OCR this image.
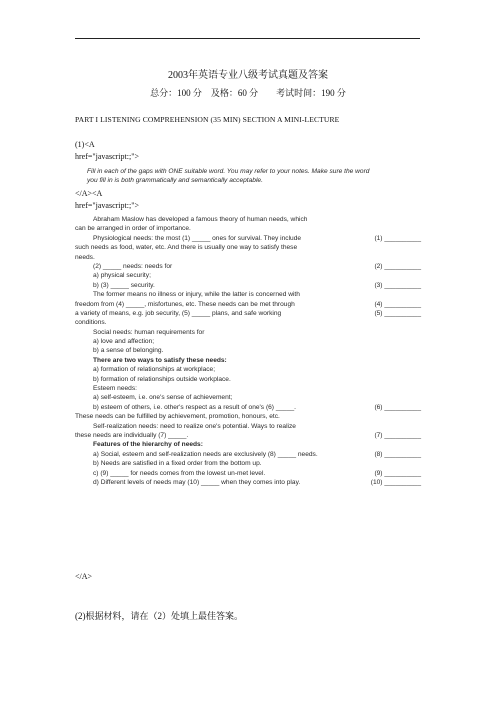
2003年英语专业八级考试真题及答案
总分：100 分　及格：60 分　　考试时间：190 分
PART I LISTENING COMPREHENSION (35 MIN) SECTION A MINI-LECTURE
(1)<A
href="javascript:;">
Fill in each of the gaps with ONE suitable word. You may refer to your notes. Make sure the word
you fill in is both grammatically and semantically acceptable.
</A><A
href="javascript:;">
Abraham Maslow has developed a famous theory of human needs, which
can be arranged in order of importance.
Physiological needs: the most (1) _____ ones for survival. They include	(1) __________
such needs as food, water, etc. And there is usually one way to satisfy these
needs.
(2) _____ needs: needs for	(2) __________
a) physical security;
b) (3) _____ security.	(3) __________
The former means no illness or injury, while the latter is concerned with
freedom from (4) _____, misfortunes, etc. These needs can be met through	(4) __________
a variety of means, e.g. job security, (5) _____ plans, and safe working	(5) __________
conditions.
Social needs: human requirements for
a) love and affection;
b) a sense of belonging.
There are two ways to satisfy these needs:
a) formation of relationships at workplace;
b) formation of relationships outside workplace.
Esteem needs:
a) self-esteem, i.e. one's sense of achievement;
b) esteem of others, i.e. other's respect as a result of one's (6) _____.	(6) __________
These needs can be fulfilled by achievement, promotion, honours, etc.
Self-realization needs: need to realize one's potential. Ways to realize
these needs are individually (7) _____.	(7) __________
Features of the hierarchy of needs:
a) Social, esteem and self-realization needs are exclusively (8) _____ needs.	(8) __________
b) Needs are satisfied in a fixed order from the bottom up.
c) (9) _____ for needs comes from the lowest un-met level.	(9) __________
d) Different levels of needs may (10) _____ when they comes into play.	(10) __________
</A>
(2)根据材料，请在（2）处填上最佳答案。
